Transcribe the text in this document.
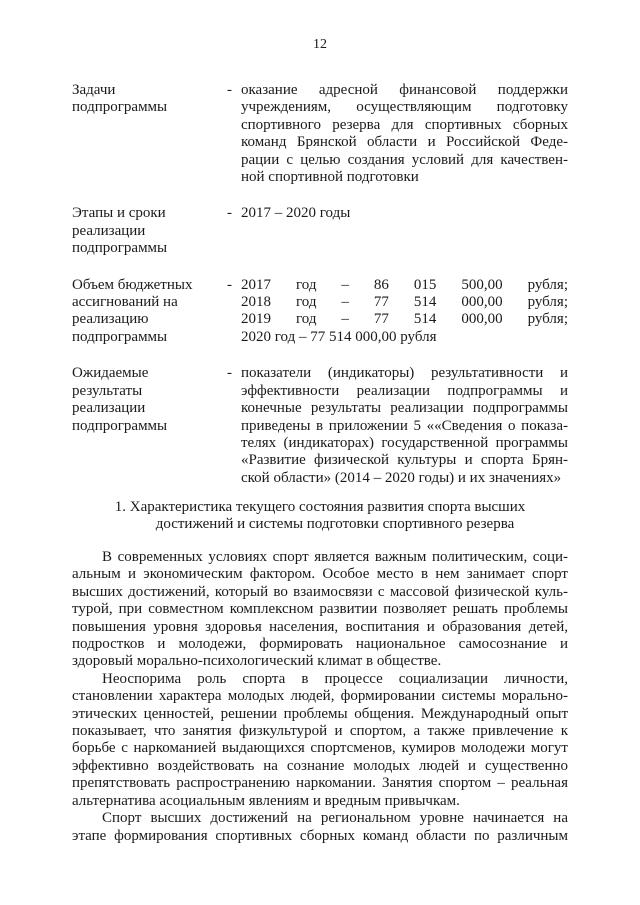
12
Задачи
подпрограммы
- оказание адресной финансовой поддержки
учреждениям, осуществляющим подготовку
спортивного резерва для спортивных сборных
команд Брянской области и Российской Феде-
рации с целью создания условий для качествен-
ной спортивной подготовки
Этапы и сроки
реализации
подпрограммы
- 2017 – 2020 годы
Объем бюджетных
ассигнований на
реализацию
подпрограммы
- 2017 год – 86 015 500,00 рубля;
2018 год – 77 514 000,00 рубля;
2019 год – 77 514 000,00 рубля;
2020 год – 77 514 000,00 рубля
Ожидаемые
результаты
реализации
подпрограммы
- показатели (индикаторы) результативности и
эффективности реализации подпрограммы и
конечные результаты реализации подпрограммы
приведены в приложении 5 ««Сведения о показа-
телях (индикаторах) государственной программы
«Развитие физической культуры и спорта Брян-
ской области» (2014 – 2020 годы) и их значениях»
1. Характеристика текущего состояния развития спорта высших
достижений и системы подготовки спортивного резерва

В современных условиях спорт является важным политическим, соци-
альным и экономическим фактором. Особое место в нем занимает спорт
высших достижений, который во взаимосвязи с массовой физической куль-
турой, при совместном комплексном развитии позволяет решать проблемы
повышения уровня здоровья населения, воспитания и образования детей,
подростков и молодежи, формировать национальное самосознание и
здоровый морально-психологический климат в обществе.

Неоспорима роль спорта в процессе социализации личности,
становлении характера молодых людей, формировании системы морально-
этических ценностей, решении проблемы общения. Международный опыт
показывает, что занятия физкультурой и спортом, а также привлечение к
борьбе с наркоманией выдающихся спортсменов, кумиров молодежи могут
эффективно воздействовать на сознание молодых людей и существенно
препятствовать распространению наркомании. Занятия спортом – реальная
альтернатива асоциальным явлениям и вредным привычкам.

Спорт высших достижений на региональном уровне начинается на
этапе формирования спортивных сборных команд области по различным
